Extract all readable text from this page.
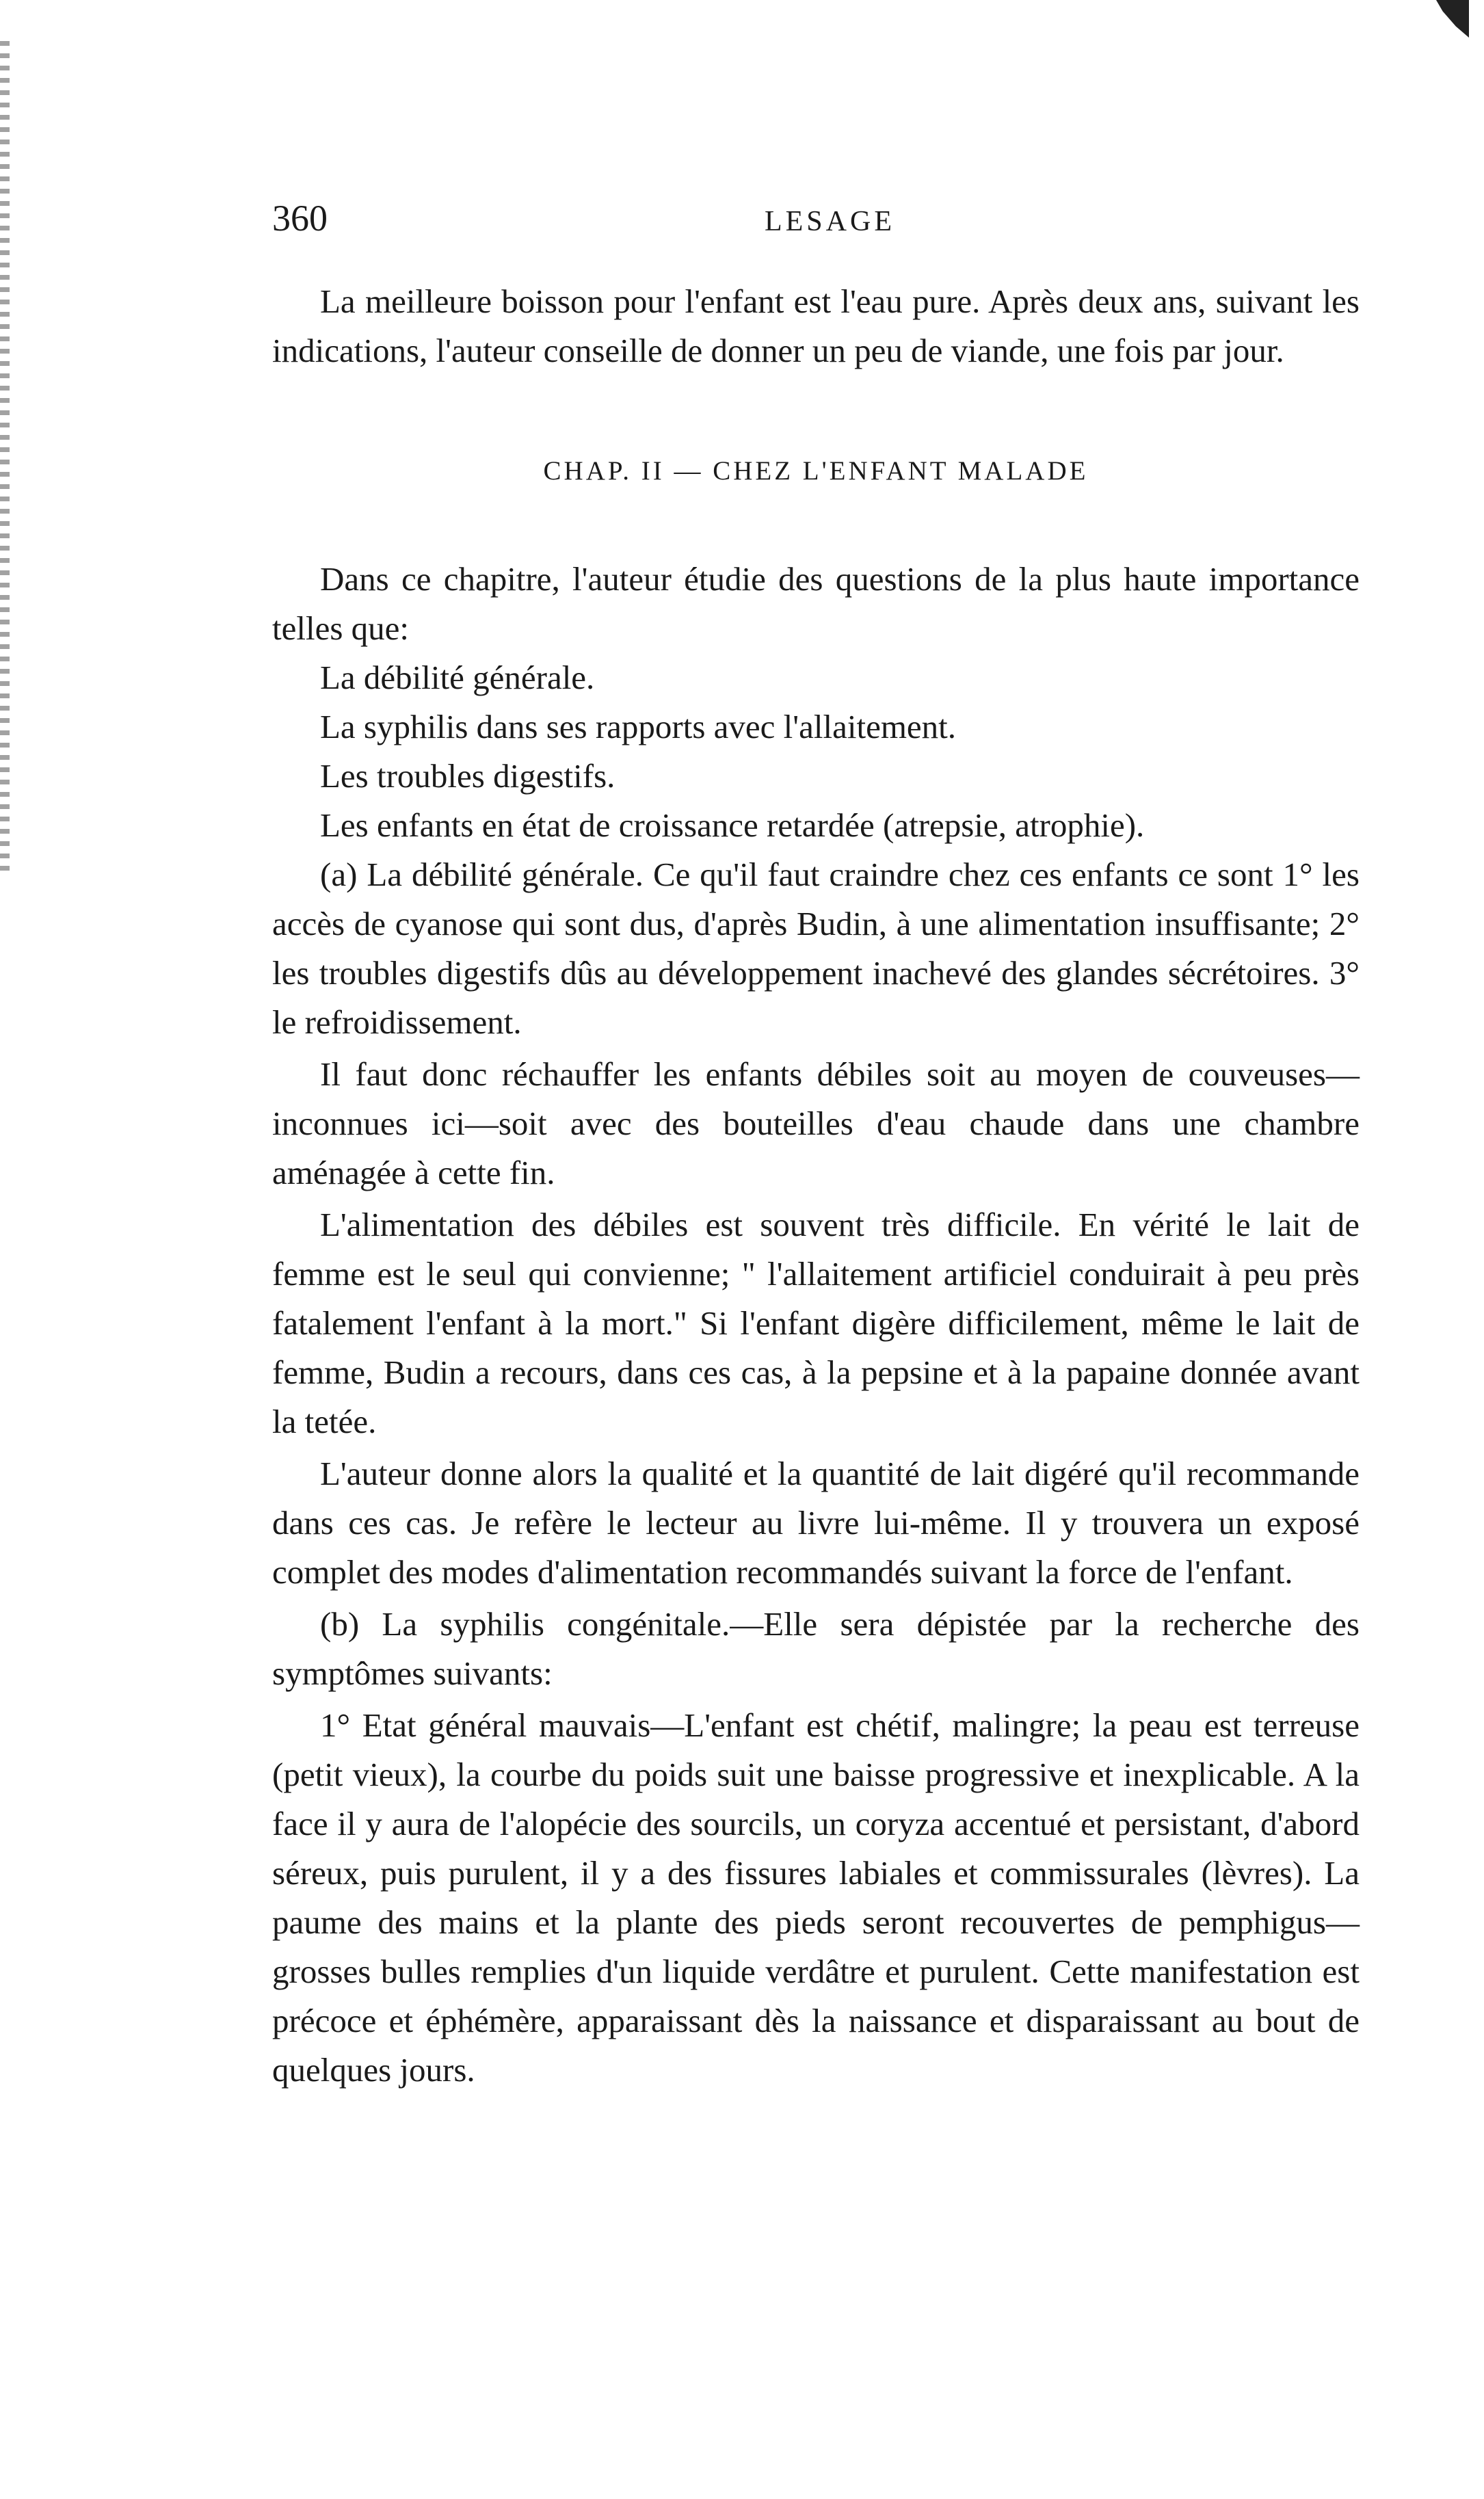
360	LESAGE

La meilleure boisson pour l'enfant est l'eau pure. Après deux ans, suivant les indications, l'auteur conseille de donner un peu de viande, une fois par jour.

CHAP. II — CHEZ L'ENFANT MALADE

Dans ce chapitre, l'auteur étudie des questions de la plus haute importance telles que:

La débilité générale.

La syphilis dans ses rapports avec l'allaitement.

Les troubles digestifs.

Les enfants en état de croissance retardée (atrepsie, atrophie).

(a) La débilité générale. Ce qu'il faut craindre chez ces enfants ce sont 1° les accès de cyanose qui sont dus, d'après Budin, à une alimentation insuffisante; 2° les troubles digestifs dûs au développement inachevé des glandes sécrétoires. 3° le refroidissement.

Il faut donc réchauffer les enfants débiles soit au moyen de couveuses—inconnues ici—soit avec des bouteilles d'eau chaude dans une chambre aménagée à cette fin.

L'alimentation des débiles est souvent très difficile. En vérité le lait de femme est le seul qui convienne; " l'allaitement artificiel conduirait à peu près fatalement l'enfant à la mort." Si l'enfant digère difficilement, même le lait de femme, Budin a recours, dans ces cas, à la pepsine et à la papaine donnée avant la tetée.

L'auteur donne alors la qualité et la quantité de lait digéré qu'il recommande dans ces cas. Je refère le lecteur au livre lui-même. Il y trouvera un exposé complet des modes d'alimentation recommandés suivant la force de l'enfant.

(b) La syphilis congénitale.—Elle sera dépistée par la recherche des symptômes suivants:

1° Etat général mauvais—L'enfant est chétif, malingre; la peau est terreuse (petit vieux), la courbe du poids suit une baisse progressive et inexplicable. A la face il y aura de l'alopécie des sourcils, un coryza accentué et persistant, d'abord séreux, puis purulent, il y a des fissures labiales et commissurales (lèvres). La paume des mains et la plante des pieds seront recouvertes de pemphigus—grosses bulles remplies d'un liquide verdâtre et purulent. Cette manifestation est précoce et éphémère, apparaissant dès la naissance et disparaissant au bout de quelques jours.
